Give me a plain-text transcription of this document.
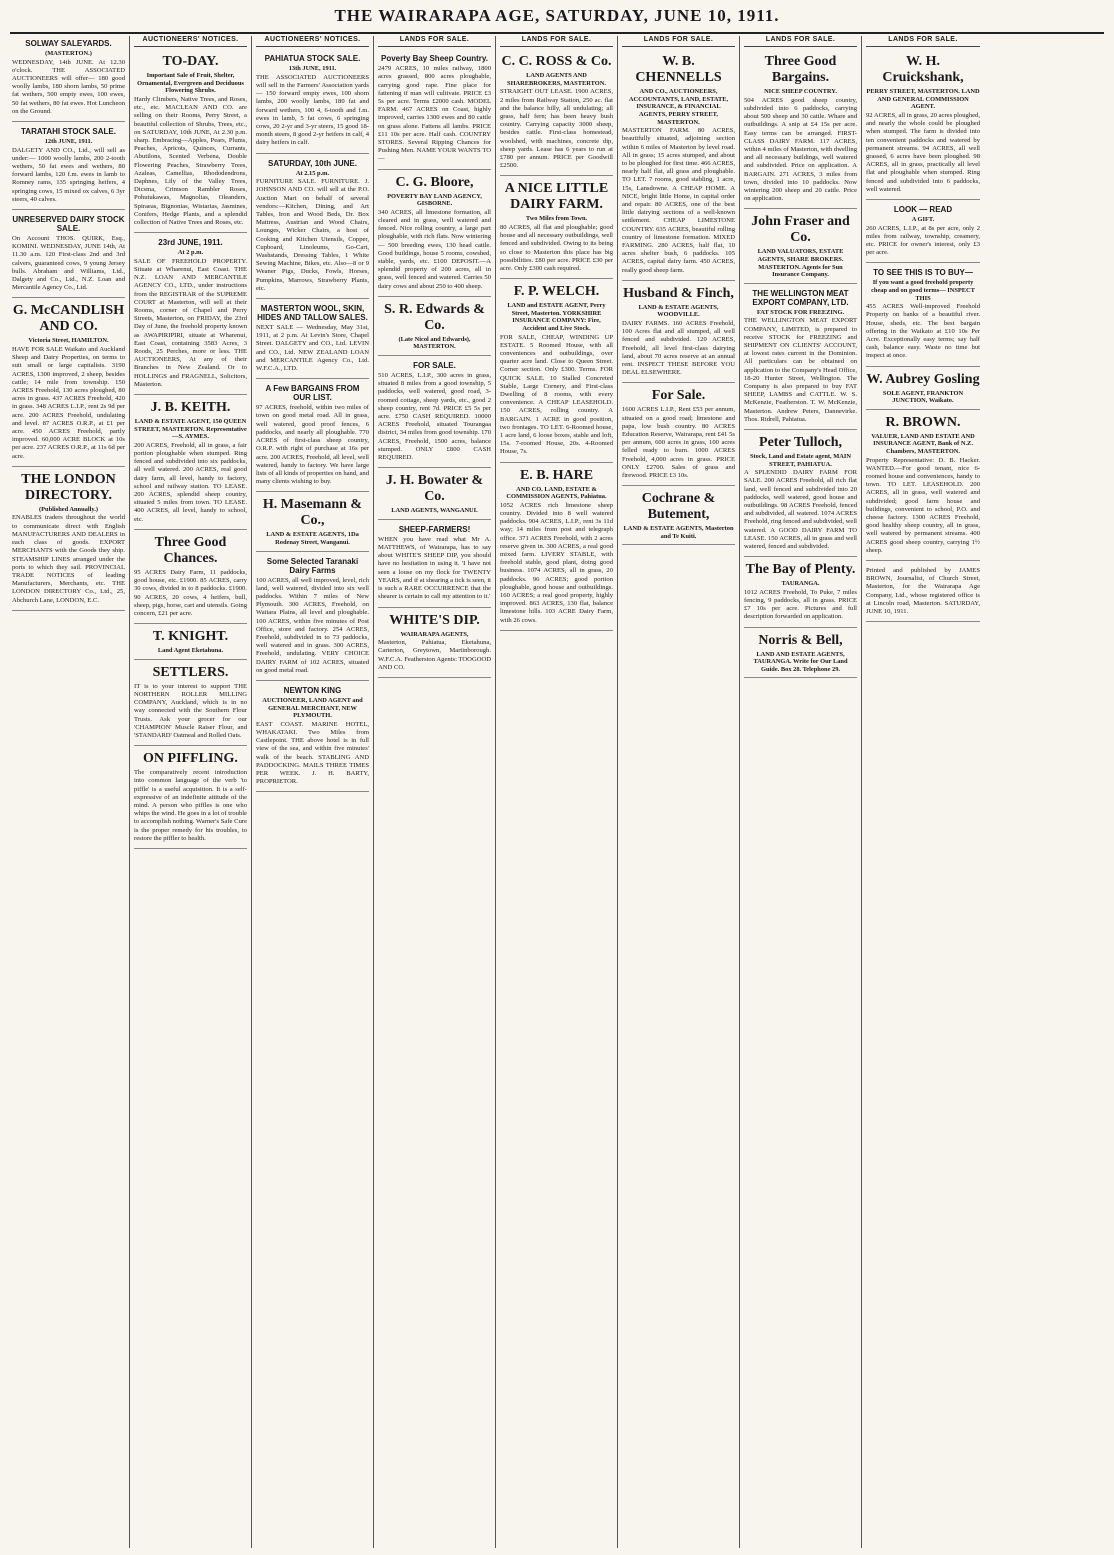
THE WAIRARAPA AGE, SATURDAY, JUNE 10, 1911.
SOLWAY SALEYARDS.
(MASTERTON.)

WEDNESDAY, 14th JUNE. At 12.30 o'clock. THE ASSOCIATED AUCTIONEERS will offer— 180 good woolly lambs, 180 shorn lambs, 50 prime fat wethers, 500 empty ewes, 100 ewes, 50 fat wethers, 80 fat ewes. Hot Luncheon on the Ground.

TARATAHI STOCK SALE.
12th JUNE, 1911.

DALGETY AND CO., Ltd., will sell as under:— 1000 woolly lambs, 200 2-tooth wethers, 50 fat ewes and wethers, 80 forward lambs, 120 f.m. ewes in lamb to Romney rams, 135 springing heifers, 4 springing cows, 15 mixed ox calves, 6 3yr steers, 40 calves.

UNRESERVED DAIRY STOCK SALE.

On Account THOS. QUIRK, Esq., KOMINI. WEDNESDAY, JUNE 14th, At 11.30 a.m. 120 First-class 2nd and 3rd calvers, guaranteed cows, 9 young Jersey bulls. Abraham and Williams, Ltd., Dalgety and Co., Ltd., N.Z. Loan and Mercantile Agency Co., Ltd.

G. McCANDLISH AND CO.
Victoria Street, HAMILTON.

HAVE FOR SALE Waikato and Auckland Sheep and Dairy Properties, on terms to suit small or large capitalists. 3190 ACRES, 1300 improved, 2 sheep, besides cattle; 14 mile from township. 150 ACRES Freehold, 130 acres ploughed, 80 acres in grass. 437 ACRES Freehold, 420 in grass. 348 ACRES L.I.P., rent 2s 9d per acre. 200 ACRES Freehold, undulating and level. 87 ACRES O.R.P., at £1 per acre. 450 ACRES Freehold, partly improved. 60,000 ACRE BLOCK at 10s per acre. 237 ACRES O.R.P., at 11s 6d per acre.

THE LONDON DIRECTORY.
(Published Annually.)

ENABLES traders throughout the world to communicate direct with English MANUFACTURERS AND DEALERS in each class of goods. EXPORT MERCHANTS with the Goods they ship. STEAMSHIP LINES arranged under the ports to which they sail. PROVINCIAL TRADE NOTICES of leading Manufacturers, Merchants, etc. THE LONDON DIRECTORY Co., Ltd., 25, Abchurch Lane, LONDON, E.C.

AUCTIONEERS' NOTICES.
TO-DAY.
Important Sale of Fruit, Shelter, Ornamental, Evergreen and Deciduous Flowering Shrubs.

Hardy Climbers, Native Trees, and Roses, etc., etc. MACLEAN AND CO. are selling on their Rooms, Perry Street, a beautiful collection of Shrubs, Trees, etc., on SATURDAY, 10th JUNE, At 2.30 p.m. sharp. Embracing—Apples, Pears, Plums, Peaches, Apricots, Quinces, Currants, Abutilons, Scented Verbena, Double Flowering Peaches, Strawberry Trees, Azaleas, Camellias, Rhododendrons, Daphnes, Lily of the Valley Trees, Dicsma, Crimson Rambler Roses, Pohutukawas, Magnolias, Oleanders, Spiraeas, Bignonias, Wistarias, Jasmines, Conifers, Hedge Plants, and a splendid collection of Native Trees and Roses, etc.

23rd JUNE, 1911.
At 2 p.m.

SALE OF FREEHOLD PROPERTY. Situate at Wharenui, East Coast. THE N.Z. LOAN AND MERCANTILE AGENCY CO., LTD., under instructions from the REGISTRAR of the SUPREME COURT at Masterton, will sell at their Rooms, corner of Chapel and Perry Streets, Masterton, on FRIDAY, the 23rd Day of June, the freehold property known as AWAPIRIPIRI, situate at Wharenui, East Coast, containing 3583 Acres, 3 Roods, 25 Perches, more or less. THE AUCTIONEERS, At any of their Branches in New Zealand. Or to HOLLINGS and FRAGNELL, Solicitors, Masterton.

J. B. KEITH.
LAND & ESTATE AGENT, 150 QUEEN STREET, MASTERTON. Representative—S. AYMES.

200 ACRES, Freehold, all in grass, a fair portion ploughable when stumped. Ring fenced and subdivided into six paddocks, all well watered. 200 ACRES, real good dairy farm, all level, handy to factory, school and railway station. TO LEASE. 200 ACRES, splendid sheep country, situated 5 miles from town. TO LEASE. 400 ACRES, all level, handy to school, etc.

Three Good Chances.

95 ACRES Dairy Farm, 11 paddocks, good house, etc. £1900. 85 ACRES, carry 30 cows, divided in to 8 paddocks. £1900. 90 ACRES, 20 cows, 4 heifers, bull, sheep, pigs, horse, cart and utensils. Going concern, £21 per acre.

T. KNIGHT.
Land Agent Eketahuna.
SETTLERS.

IT is to your interest to support THE NORTHERN ROLLER MILLING COMPANY, Auckland, which is in no way connected with the Southern Flour Trusts. Ask your grocer for our 'CHAMPION' Muscle Raiser Flour, and 'STANDARD' Oatmeal and Rolled Oats.

ON PIFFLING.

The comparatively recent introduction into common language of the verb 'to piffle' is a useful acquisition. It is a self-expressive of an indefinite attitude of the mind. A person who piffles is one who whips the wind. He goes in a lot of trouble to accomplish nothing. Warner's Safe Cure is the proper remedy for his troubles, to restore the piffler to health.

AUCTIONEERS' NOTICES.
PAHIATUA STOCK SALE.
13th JUNE, 1911.

THE ASSOCIATED AUCTIONEERS will sell in the Farmers' Association yards— 150 forward empty ewes, 100 shorn lambs, 200 woolly lambs, 180 fat and forward wethers, 100 4, 6-tooth and f.m. ewes in lamb, 5 fat cows, 6 springing cows, 20 2-yr and 3-yr steers, 15 good 18-month steers, 8 good 2-yr heifers in calf, 4 dairy heifers in calf.

SATURDAY, 10th JUNE.
At 2.15 p.m.

FURNITURE SALE. FURNITURE. J. JOHNSON AND CO. will sell at the P.O. Auction Mart on behalf of several vendors:—Kitchen, Dining, and Art Tables, Iron and Wood Beds, Dr. Box Mattress, Austrian and Wood Chairs, Lounges, Wicker Chairs, a host of Cooking and Kitchen Utensils, Copper, Cupboard, Linoleums, Go-Cart, Washstands, Dressing Tables, 1 White Sewing Machine, Bikes, etc. Also—8 or 9 Weaner Pigs, Ducks, Fowls, Horses, Pumpkins, Marrows, Strawberry Plants, etc.

MASTERTON WOOL, SKIN, HIDES AND TALLOW SALES.

NEXT SALE — Wednesday, May 31st, 1911, at 2 p.m. At Levin's Store, Chapel Street. DALGETY and CO., Ltd. LEVIN and CO., Ltd. NEW ZEALAND LOAN and MERCANTILE Agency Co., Ltd. W.F.C.A., LTD.

A Few BARGAINS FROM OUR LIST.

97 ACRES, freehold, within two miles of town on good metal road. All in grass, well watered, good proof fences, 6 paddocks, and nearly all ploughable. 770 ACRES of first-class sheep country, O.R.P. with right of purchase at 16s per acre. 200 ACRES, Freehold, all level, well watered, handy to factory. We have large lists of all kinds of properties on hand, and many clients wishing to buy.

H. Masemann & Co.,
LAND & ESTATE AGENTS, 1Da Rodenay Street, Wanganui.
Some Selected Taranaki Dairy Farms

100 ACRES, all well improved, level, rich land, well watered, divided into six well paddocks. Within 7 miles of New Plymouth. 300 ACRES, Freehold, on Waitara Plains, all level and ploughable. 100 ACRES, within five minutes of Post Office, store and factory. 254 ACRES, Freehold, subdivided in to 73 paddocks, well watered and in grass. 300 ACRES, Freehold, undulating. VERY CHOICE DAIRY FARM of 102 ACRES, situated on good metal road.

NEWTON KING
AUCTIONEER, LAND AGENT and GENERAL MERCHANT, NEW PLYMOUTH.

EAST COAST. MARINE HOTEL, WHAKATAKI. Two Miles from Castlepoint. THE above hotel is in full view of the sea, and within five minutes' walk of the beach. STABLING AND PADDOCKING. MAILS THREE TIMES PER WEEK. J. H. BARTY, PROPRIETOR.

LANDS FOR SALE.
Poverty Bay Sheep Country.

2479 ACRES, 10 miles railway, 1800 acres grassed, 800 acres ploughable, carrying good rape. Fine place for fattening if man will cultivate. PRICE £3 5s per acre. Terms £2000 cash. MODEL FARM. 467 ACRES on Coast, highly improved, carries 1300 ewes and 80 cattle on grass alone. Fattens all lambs. PRICE £11 10s per acre. Half cash. COUNTRY STORES. Several Ripping Chances for Pushing Men. NAME YOUR WANTS TO—

C. G. Bloore,
POVERTY BAY LAND AGENCY, GISBORNE.

340 ACRES, all limestone formation, all cleared and in grass, well watered and fenced. Nice rolling country, a large part ploughable, with rich flats. Now wintering— 500 breeding ewes, 130 head cattle. Good buildings, house 5 rooms, cowshed, stable, yards, etc. £100 DEPOSIT.—A splendid property of 200 acres, all in grass, well fenced and watered. Carries 50 dairy cows and about 250 to 400 sheep.

S. R. Edwards & Co.
(Late Nicol and Edwards), MASTERTON.
FOR SALE.

510 ACRES, L.I.P., 300 acres in grass, situated 8 miles from a good township, 5 paddocks, well watered, good road, 3-roomed cottage, sheep yards, etc., good 2 sheep country, rent 7d. PRICE £5 5s per acre. £750 CASH REQUIRED. 10000 ACRES Freehold, situated Tourangaa district, 34 miles from good township. 170 ACRES, Freehold, 1500 acres, balance stumped. ONLY £800 CASH REQUIRED.

J. H. Bowater & Co.
LAND AGENTS, WANGANUI.
SHEEP-FARMERS!

WHEN you have read what Mr A. MATTHEWS, of Wairarapa, has to say about WHITE'S SHEEP DIP, you should have no hesitation in using it. 'I have not seen a louse on my flock for TWENTY YEARS, and if at shearing a tick is seen, it is such a RARE OCCURRENCE that the shearer is certain to call my attention to it.'

WHITE'S DIP.
WAIRARAPA AGENTS,

Masterton, Pahiatua, Eketahuna, Carterton, Greytown, Martinborough. W.F.C.A. Featherston Agents: TOOGOOD AND CO.

LANDS FOR SALE.
C. C. ROSS & Co.
LAND AGENTS AND SHAREBROKERS, MASTERTON.

STRAIGHT OUT LEASE. 1900 ACRES, 2 miles from Railway Station, 250 ac. flat and the balance hilly, all undulating; all grass, half fern; has been heavy bush country. Carrying capacity 3000 sheep, besides cattle. First-class homestead, woolshed, with machines, concrete dip, sheep yards. Lease has 6 years to run at £780 per annum. PRICE per Goodwill £2500.

A NICE LITTLE DAIRY FARM.
Two Miles from Town.

80 ACRES, all flat and ploughable; good house and all necessary outbuildings, well fenced and subdivided. Owing to its being so close to Masterton this place has big possibilities. £80 per acre. PRICE £30 per acre. Only £300 cash required.

F. P. WELCH.
LAND and ESTATE AGENT, Perry Street, Masterton. YORKSHIRE INSURANCE COMPANY: Fire, Accident and Live Stock.

FOR SALE, CHEAP, WINDING UP ESTATE. 5 Roomed House, with all conveniences and outbuildings, over quarter acre land. Close to Queen Street. Corner section. Only £300. Terms. FOR QUICK SALE. 10 Stalled Concreted Stable, Large Cornery, and First-class Dwelling of 8 rooms, with every convenience. A CHEAP LEASEHOLD. 150 ACRES, rolling country. A BARGAIN. 1 ACRE in good position, two frontages. TO LET. 6-Roomed house, 1 acre land, 6 loose boxes, stable and loft, 15s. 7-roomed House, 20s. 4-Roomed House, 7s.

E. B. HARE
AND CO. LAND, ESTATE & COMMISSION AGENTS, Pahiatua.

1052 ACRES rich limestone sheep country. Divided into 8 well watered paddocks. 904 ACRES, L.I.P., rent 3s 11d way; 14 miles from post and telegraph office. 371 ACRES Freehold, with 2 acres reserve given in. 300 ACRES, a real good mixed farm. LIVERY STABLE, with freehold stable, good plant, doing good business. 1074 ACRES, all in grass, 20 paddocks. 96 ACRES; good portion ploughable, good house and outbuildings. 160 ACRES; a real good property, highly improved. 863 ACRES, 130 flat, balance limestone hills. 103 ACRE Dairy Farm, with 26 cows.

LANDS FOR SALE.
W. B. CHENNELLS
AND CO., AUCTIONEERS, ACCOUNTANTS, LAND, ESTATE, INSURANCE, & FINANCIAL AGENTS, PERRY STREET, MASTERTON.

MASTERTON FARM. 80 ACRES, beautifully situated, adjoining section within 6 miles of Masterton by level road. All in grass; 15 acres stumped, and about to be ploughed for first time. 466 ACRES, nearly half flat, all grass and ploughable. TO LET. 7 rooms, good stabling, 1 acre, 15s, Lansdowne. A CHEAP HOME. A NICE, bright little Home, in capital order and repair. 80 ACRES, one of the best little dairying sections of a well-known settlement. CHEAP LIMESTONE COUNTRY. 635 ACRES, beautiful rolling country of limestone formation. MIXED FARMING. 280 ACRES, half flat, 10 acres shelter bush, 6 paddocks. 105 ACRES, capital dairy farm. 450 ACRES, really good sheep farm.

Husband & Finch,
LAND & ESTATE AGENTS, WOODVILLE.

DAIRY FARMS. 160 ACRES Freehold, 100 Acres flat and all stumped, all well fenced and subdivided. 120 ACRES, Freehold, all level first-class dairying land, about 70 acres reserve at an annual rent. INSPECT THESE BEFORE YOU DEAL ELSEWHERE.

For Sale.

1600 ACRES L.I.P., Rent £53 per annum, situated on a good road; limestone and papa, low bush country. 80 ACRES Education Reserve, Wairarapa, rent £41 5s per annum, 600 acres in grass, 100 acres felled ready to burn. 1000 ACRES Freehold, 4,000 acres in grass. PRICE ONLY £2700. Sales of grass and firewood. PRICE £3 10s.

Cochrane & Butement,
LAND & ESTATE AGENTS, Masterton and Te Kuiti.
LANDS FOR SALE.
Three Good Bargains.
NICE SHEEP COUNTRY.

504 ACRES good sheep country, subdivided into 6 paddocks, carrying about 500 sheep and 30 cattle. Whare and outbuildings. A snip at £4 15s per acre. Easy terms can be arranged. FIRST-CLASS DAIRY FARM. 117 ACRES, within 4 miles of Masterton, with dwelling and all necessary buildings, well watered and subdivided. Price on application. A BARGAIN. 271 ACRES, 3 miles from town, divided into 10 paddocks. Now wintering 200 sheep and 20 cattle. Price on application.

John Fraser and Co.
LAND VALUATORS, ESTATE AGENTS, SHARE BROKERS. MASTERTON. Agents for Sun Insurance Company.
THE WELLINGTON MEAT EXPORT COMPANY, LTD.
FAT STOCK FOR FREEZING.

THE WELLINGTON MEAT EXPORT COMPANY, LIMITED, is prepared to receive STOCK for FREEZING and SHIPMENT ON CLIENTS' ACCOUNT, at lowest rates current in the Dominion. All particulars can be obtained on application to the Company's Head Office, 18-20 Hunter Street, Wellington. The Company is also prepared to buy FAT SHEEP, LAMBS and CATTLE. W. S. McKenzie, Featherston. T. W. McKenzie, Masterton. Andrew Peters, Dannevirke. Thos. Ridrell, Pahiatua.

Peter Tulloch,
Stock, Land and Estate agent, MAIN STREET, PAHIATUA.

A SPLENDID DAIRY FARM FOR SALE. 200 ACRES Freehold, all rich flat land, well fenced and subdivided into 20 paddocks, well watered, good house and outbuildings. 98 ACRES Freehold, fenced and subdivided, all watered. 1074 ACRES Freehold, ring fenced and subdivided, well watered. A GOOD DAIRY FARM TO LEASE. 150 ACRES, all in grass and well watered, fenced and subdivided.

The Bay of Plenty.
TAURANGA.

1012 ACRES Freehold, To Puke, 7 miles fencing, 9 paddocks, all in grass. PRICE £7 10s per acre. Pictures and full description forwarded on application.

Norris & Bell,
LAND AND ESTATE AGENTS, TAURANGA. Write for Our Land Guide. Box 28. Telephone 29.
LANDS FOR SALE.
W. H. Cruickshank,
PERRY STREET, MASTERTON. LAND AND GENERAL COMMISSION AGENT.

92 ACRES, all in grass, 20 acres ploughed, and nearly the whole could be ploughed when stumped. The farm is divided into ten convenient paddocks and watered by permanent streams. 94 ACRES, all well grassed, 6 acres have been ploughed. 98 ACRES, all in grass, practically all level flat and ploughable when stumped. Ring fenced and subdivided into 6 paddocks, well watered.

LOOK — READ
A GIFT.

260 ACRES, L.I.P., at 8s per acre, only 2 miles from railway, township, creamery, etc. PRICE for owner's interest, only £3 per acre.

TO SEE THIS IS TO BUY—
If you want a good freehold property cheap and on good terms— INSPECT THIS

455 ACRES Well-improved Freehold Property on banks of a beautiful river. House, sheds, etc. The best bargain offering in the Waikato at £10 10s Per Acre. Exceptionally easy terms; say half cash, balance easy. Waste no time but inspect at once.

W. Aubrey Gosling
SOLE AGENT, FRANKTON JUNCTION, Waikato.
R. BROWN.
VALUER, LAND AND ESTATE AND INSURANCE AGENT, Bank of N.Z. Chambers, MASTERTON.

Property Representative: D. B. Hacker. WANTED.—For good tenant, nice 6-roomed house and conveniences, handy to town. TO LET. LEASEHOLD. 200 ACRES, all in grass, well watered and subdivided; good farm house and buildings, convenient to school, P.O. and cheese factory. 1300 ACRES Freehold, good healthy sheep country, all in grass, well watered by permanent streams. 400 ACRES good sheep country, carrying 1½ sheep.

Printed and published by JAMES BROWN, Journalist, of Church Street, Masterton, for the Wairarapa Age Company, Ltd., whose registered office is at Lincoln road, Masterton. SATURDAY, JUNE 10, 1911.
